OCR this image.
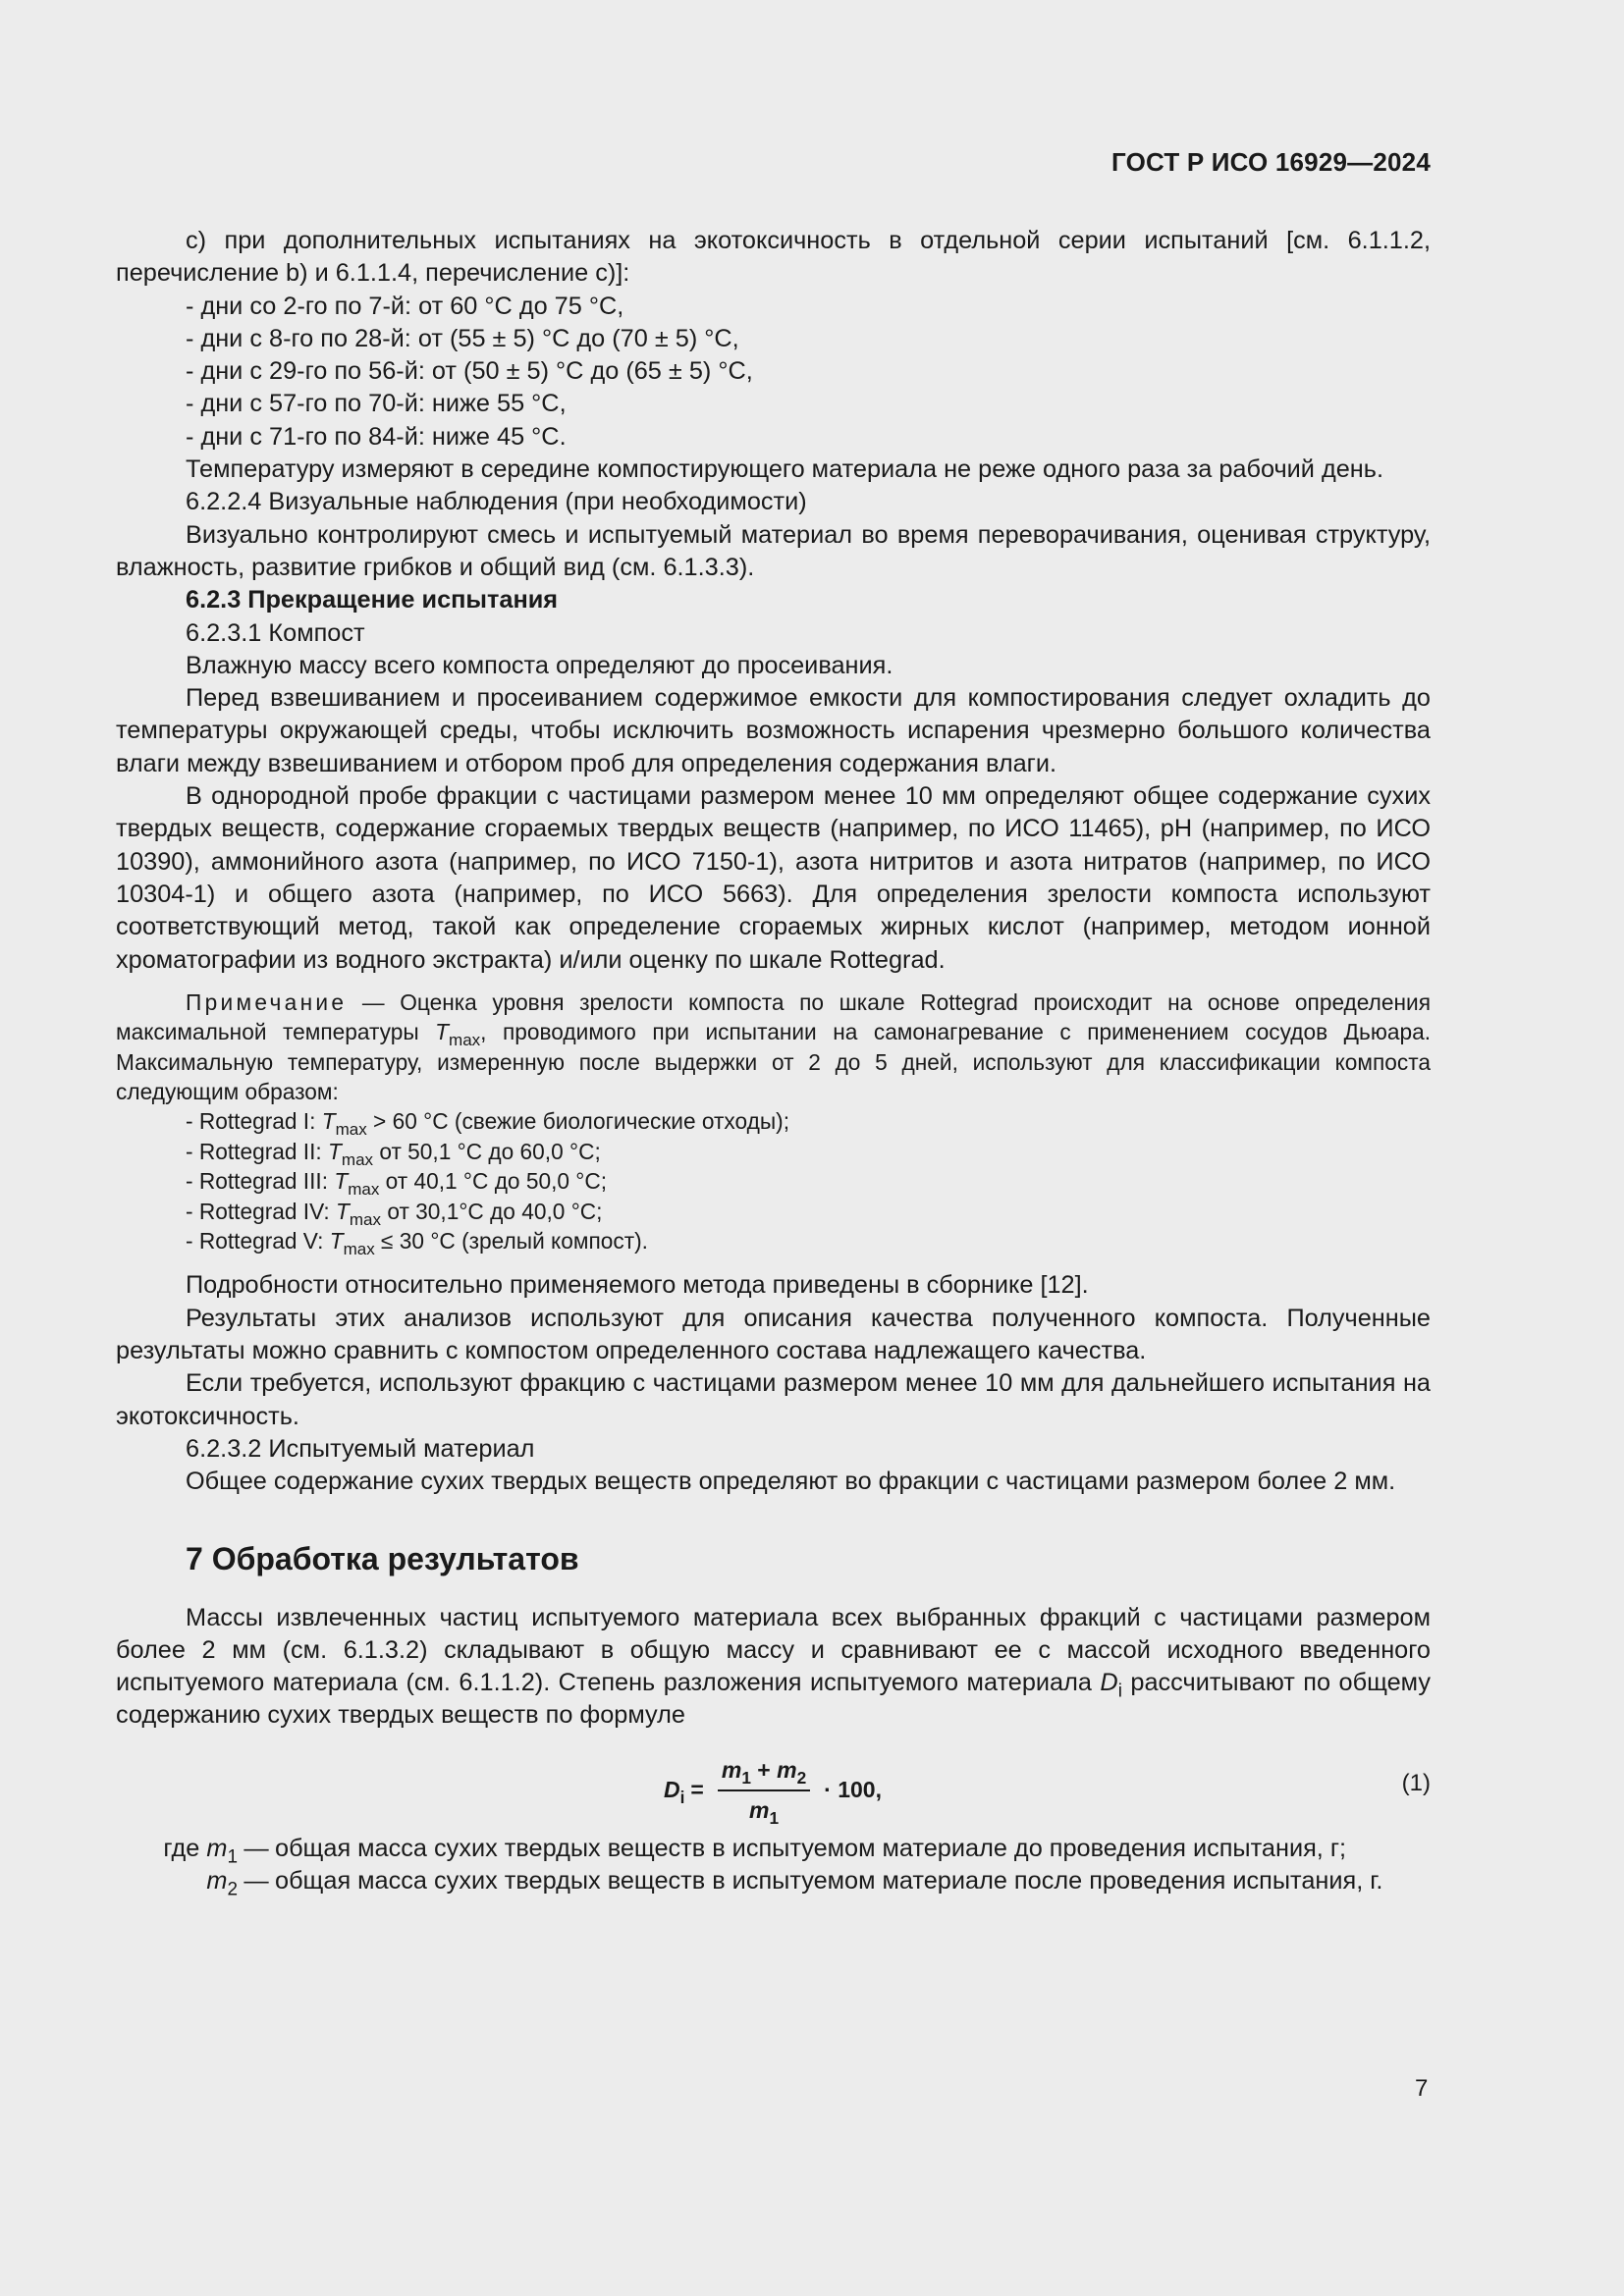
ГОСТ Р ИСО 16929—2024

c) при дополнительных испытаниях на экотоксичность в отдельной серии испытаний [см. 6.1.1.2, перечисление b) и 6.1.1.4, перечисление c)]:

- дни со 2-го по 7-й: от 60 °C до 75 °C,

- дни с 8-го по 28-й: от (55 ± 5) °C до (70 ± 5) °C,

- дни с 29-го по 56-й: от (50 ± 5) °C до (65 ± 5) °C,

- дни с 57-го по 70-й: ниже 55 °C,

- дни с 71-го по 84-й: ниже 45 °C.

Температуру измеряют в середине компостирующего материала не реже одного раза за рабочий день.

6.2.2.4 Визуальные наблюдения (при необходимости)

Визуально контролируют смесь и испытуемый материал во время переворачивания, оценивая структуру, влажность, развитие грибков и общий вид (см. 6.1.3.3).

6.2.3 Прекращение испытания

6.2.3.1 Компост

Влажную массу всего компоста определяют до просеивания.

Перед взвешиванием и просеиванием содержимое емкости для компостирования следует охладить до температуры окружающей среды, чтобы исключить возможность испарения чрезмерно большого количества влаги между взвешиванием и отбором проб для определения содержания влаги.

В однородной пробе фракции с частицами размером менее 10 мм определяют общее содержание сухих твердых веществ, содержание сгораемых твердых веществ (например, по ИСО 11465), pH (например, по ИСО 10390), аммонийного азота (например, по ИСО 7150-1), азота нитритов и азота нитратов (например, по ИСО 10304-1) и общего азота (например, по ИСО 5663). Для определения зрелости компоста используют соответствующий метод, такой как определение сгораемых жирных кислот (например, методом ионной хроматографии из водного экстракта) и/или оценку по шкале Rottegrad.

Примечание — Оценка уровня зрелости компоста по шкале Rottegrad происходит на основе определения максимальной температуры $T_{max}$, проводимого при испытании на самонагревание с применением сосудов Дьюара. Максимальную температуру, измеренную после выдержки от 2 до 5 дней, используют для классификации компоста следующим образом:

- Rottegrad I: $T_{max} > 60$ °C (свежие биологические отходы);

- Rottegrad II: $T_{max}$ от 50,1 °C до 60,0 °C;

- Rottegrad III: $T_{max}$ от 40,1 °C до 50,0 °C;

- Rottegrad IV: $T_{max}$ от 30,1°C до 40,0 °C;

- Rottegrad V: $T_{max} \le 30$ °C (зрелый компост).

Подробности относительно применяемого метода приведены в сборнике [12].

Результаты этих анализов используют для описания качества полученного компоста. Полученные результаты можно сравнить с компостом определенного состава надлежащего качества.

Если требуется, используют фракцию с частицами размером менее 10 мм для дальнейшего испытания на экотоксичность.

6.2.3.2 Испытуемый материал

Общее содержание сухих твердых веществ определяют во фракции с частицами размером более 2 мм.

7 Обработка результатов

Массы извлеченных частиц испытуемого материала всех выбранных фракций с частицами размером более 2 мм (см. 6.1.3.2) складывают в общую массу и сравнивают ее с массой исходного введенного испытуемого материала (см. 6.1.1.2). Степень разложения испытуемого материала $D_i$ рассчитывают по общему содержанию сухих твердых веществ по формуле

$D_i = \frac{m_1 + m_2}{m_1} \cdot 100$,	(1)
где $m_1$ — общая масса сухих твердых веществ в испытуемом материале до проведения испытания, г;
$m_2$ — общая масса сухих твердых веществ в испытуемом материале после проведения испытания, г.
7
